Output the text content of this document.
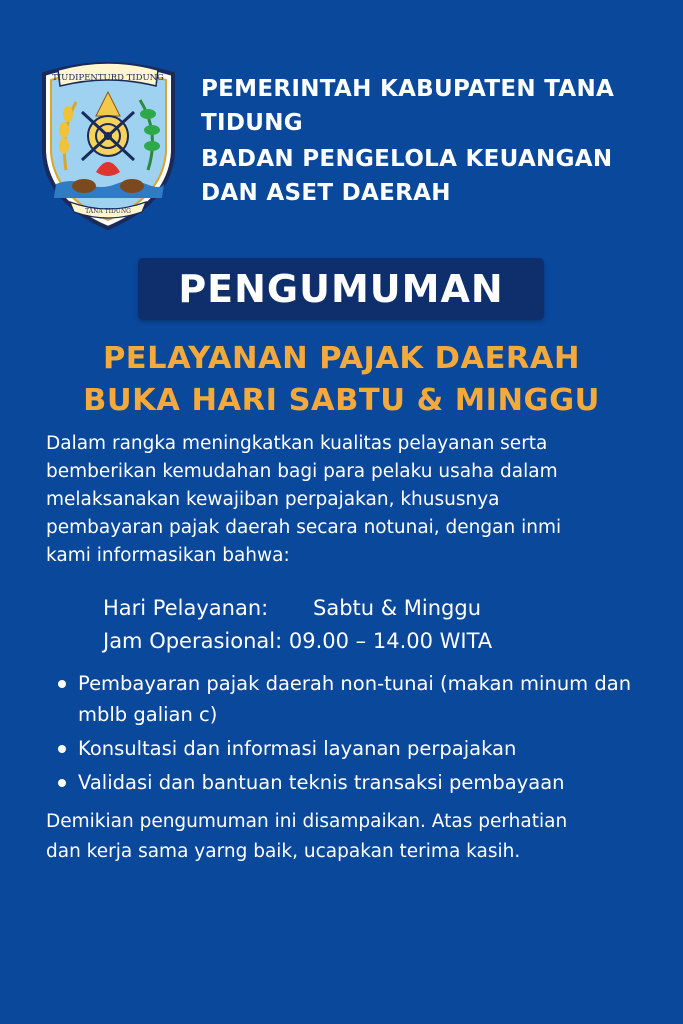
TIUDIPENTURD TIDUNG
TANA TIDUNG
PEMERINTAH KABUPATEN TANA
TIDUNG
BADAN PENGELOLA KEUANGAN
DAN ASET DAERAH
PENGUMUMAN
PELAYANAN PAJAK DAERAH
BUKA HARI SABTU & MINGGU
Dalam rangka meningkatkan kualitas pelayanan serta
bemberikan kemudahan bagi para pelaku usaha dalam
melaksanakan kewajiban perpajakan, khususnya
pembayaran pajak daerah secara notunai, dengan inmi
kami informasikan bahwa:
Hari Pelayanan: Sabtu & Minggu
Jam Operasional: 09.00 – 14.00 WITA
Pembayaran pajak daerah non-tunai (makan minum dan mblb galian c)
Konsultasi dan informasi layanan perpajakan
Validasi dan bantuan teknis transaksi pembayaan
Demikian pengumuman ini disampaikan. Atas perhatian
dan kerja sama yarng baik, ucapakan terima kasih.
